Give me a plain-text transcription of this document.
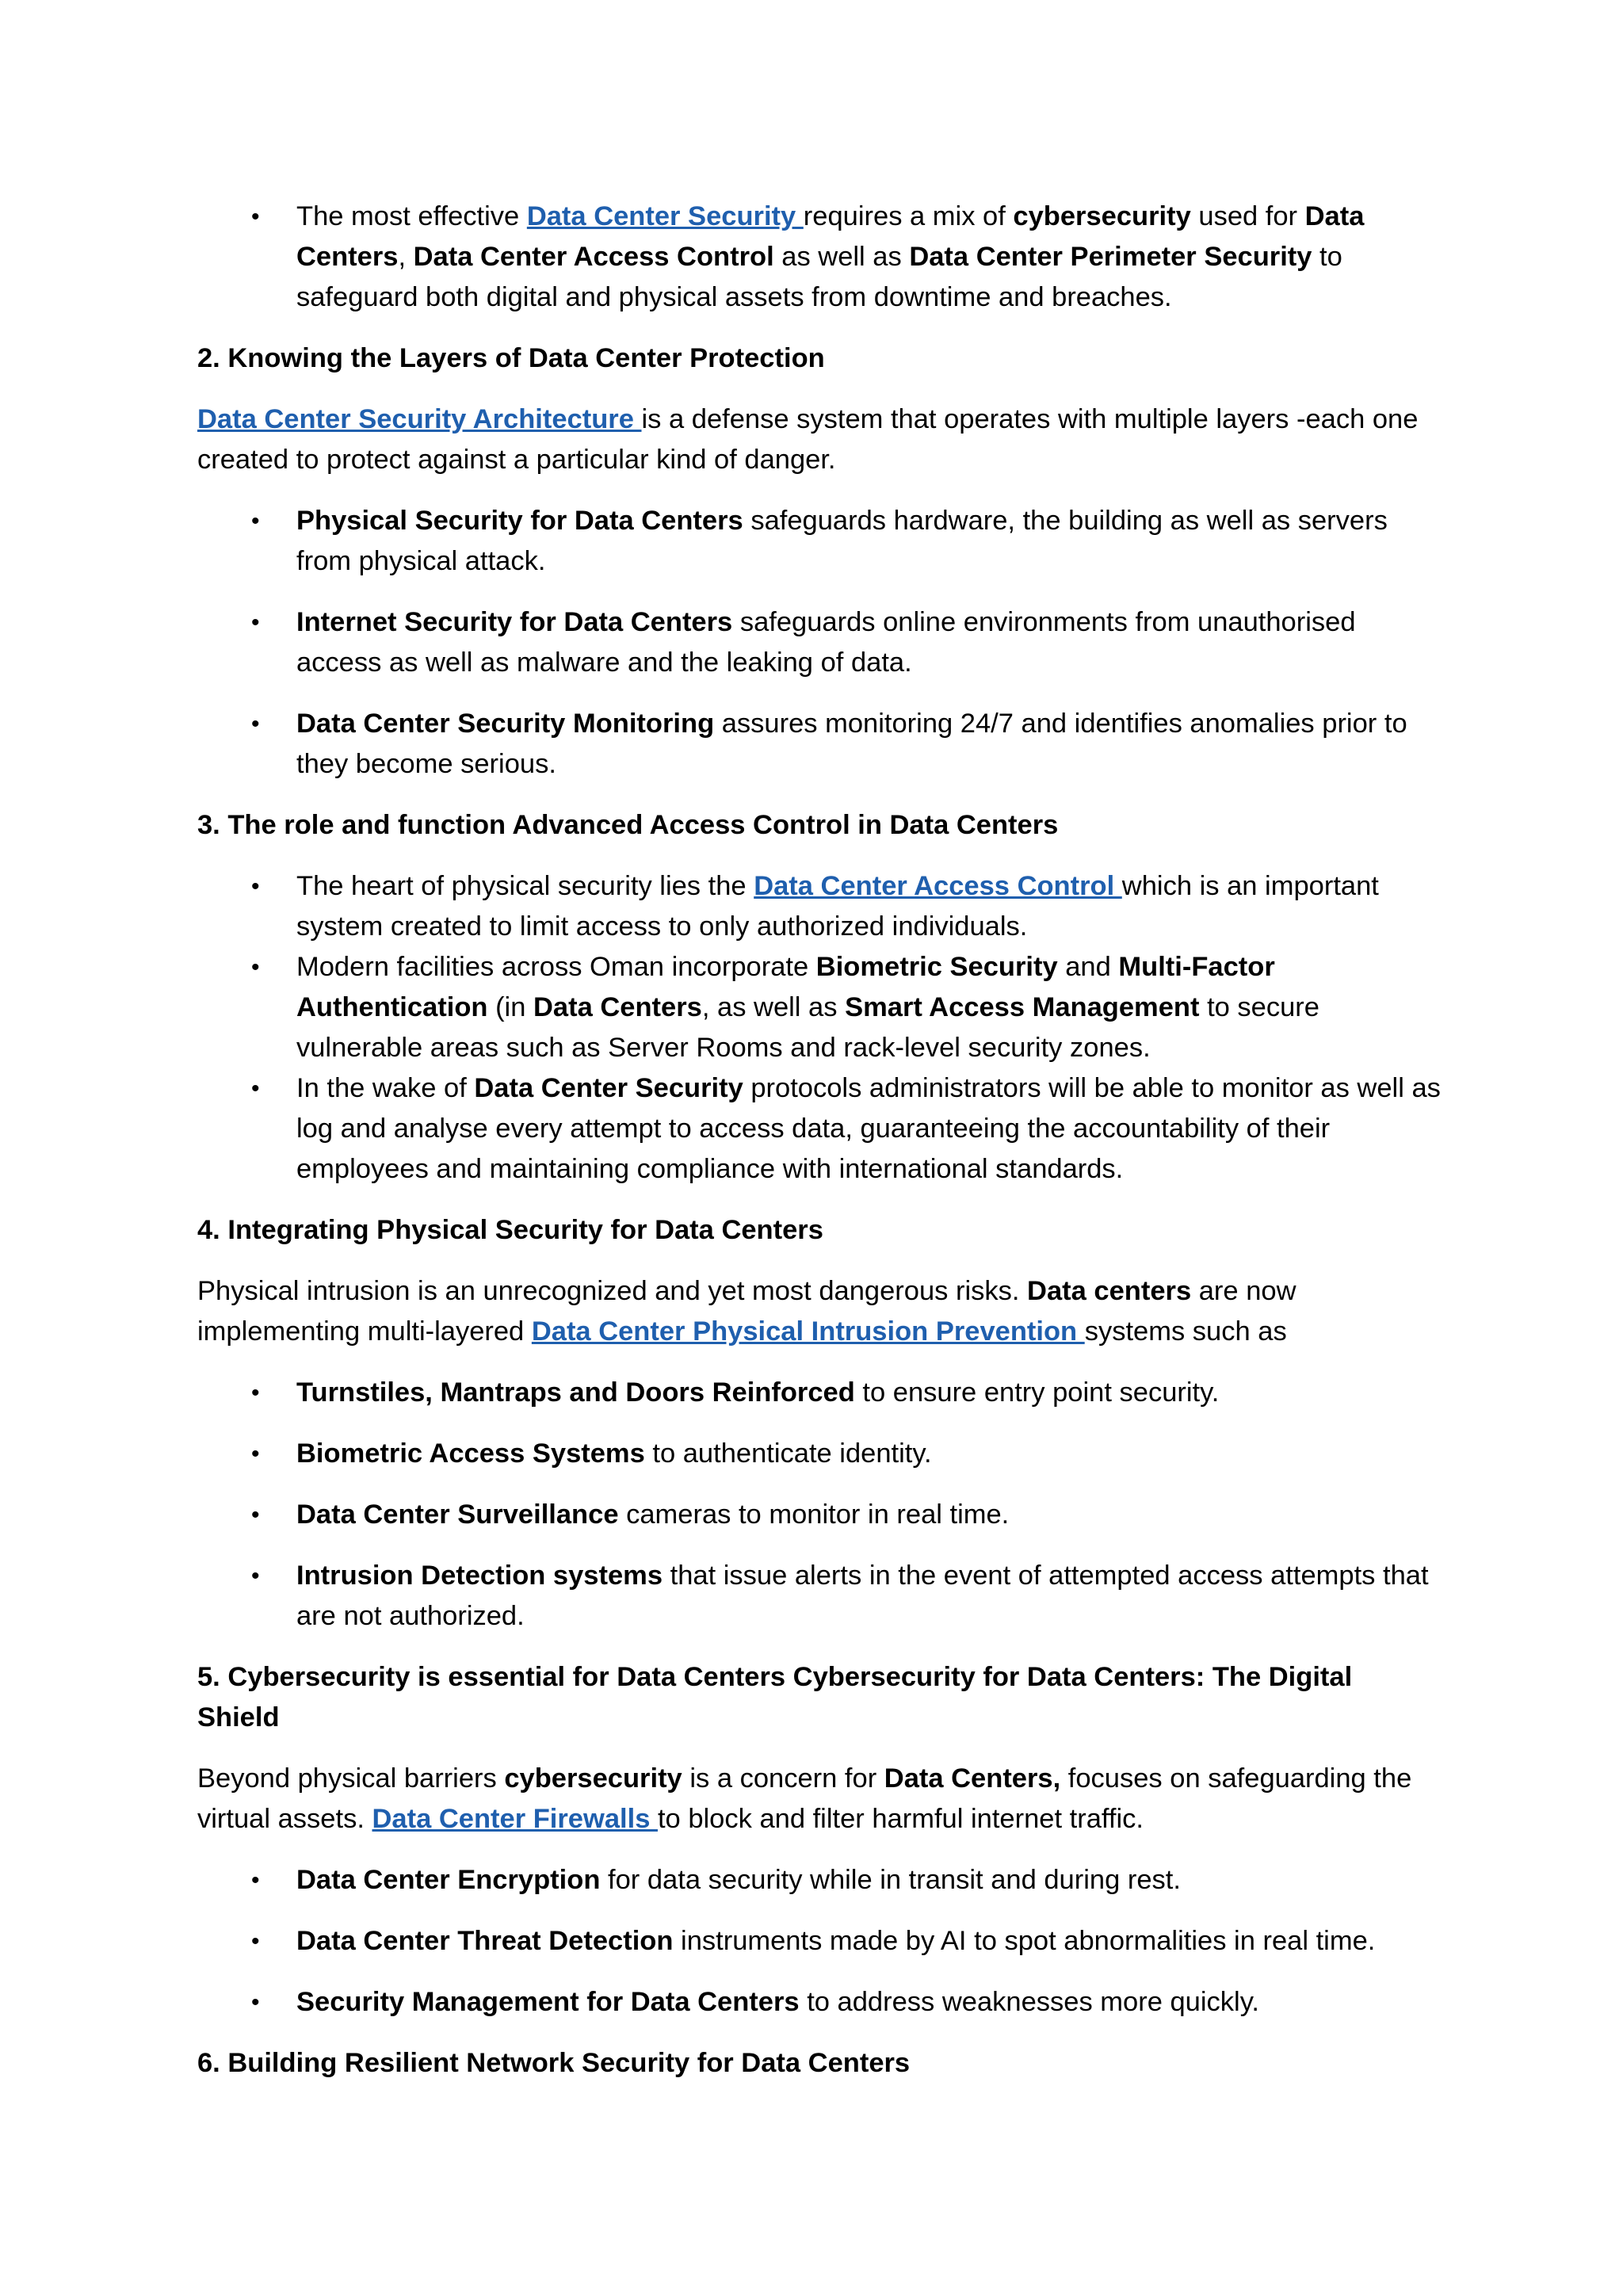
• The most effective Data Center Security requires a mix of cybersecurity used for Data Centers, Data Center Access Control as well as Data Center Perimeter Security to safeguard both digital and physical assets from downtime and breaches.

2. Knowing the Layers of Data Center Protection

Data Center Security Architecture is a defense system that operates with multiple layers -each one created to protect against a particular kind of danger.

• Physical Security for Data Centers safeguards hardware, the building as well as servers from physical attack.
• Internet Security for Data Centers safeguards online environments from unauthorised access as well as malware and the leaking of data.
• Data Center Security Monitoring assures monitoring 24/7 and identifies anomalies prior to they become serious.

3. The role and function Advanced Access Control in Data Centers

• The heart of physical security lies the Data Center Access Control which is an important system created to limit access to only authorized individuals.
• Modern facilities across Oman incorporate Biometric Security and Multi-Factor Authentication (in Data Centers, as well as Smart Access Management to secure vulnerable areas such as Server Rooms and rack-level security zones.
• In the wake of Data Center Security protocols administrators will be able to monitor as well as log and analyse every attempt to access data, guaranteeing the accountability of their employees and maintaining compliance with international standards.

4. Integrating Physical Security for Data Centers

Physical intrusion is an unrecognized and yet most dangerous risks. Data centers are now implementing multi-layered Data Center Physical Intrusion Prevention systems such as

• Turnstiles, Mantraps and Doors Reinforced to ensure entry point security.
• Biometric Access Systems to authenticate identity.
• Data Center Surveillance cameras to monitor in real time.
• Intrusion Detection systems that issue alerts in the event of attempted access attempts that are not authorized.

5. Cybersecurity is essential for Data Centers Cybersecurity for Data Centers: The Digital Shield

Beyond physical barriers cybersecurity is a concern for Data Centers, focuses on safeguarding the virtual assets. Data Center Firewalls to block and filter harmful internet traffic.

• Data Center Encryption for data security while in transit and during rest.
• Data Center Threat Detection instruments made by AI to spot abnormalities in real time.
• Security Management for Data Centers to address weaknesses more quickly.

6. Building Resilient Network Security for Data Centers
